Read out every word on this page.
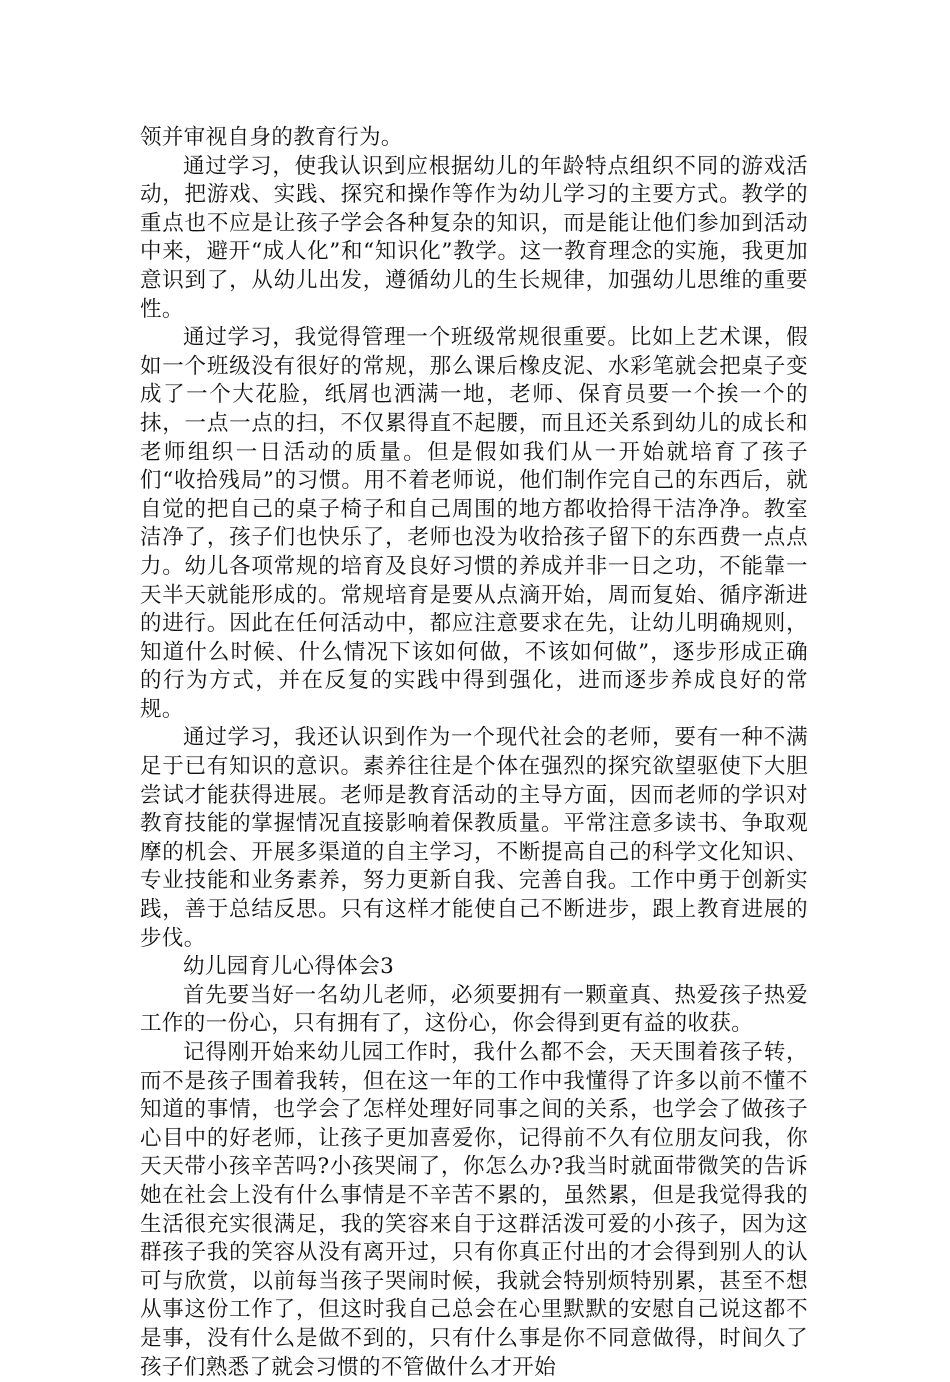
领并审视自身的教育行为。

通过学习，使我认识到应根据幼儿的年龄特点组织不同的游戏活动，把游戏、实践、探究和操作等作为幼儿学习的主要方式。教学的重点也不应是让孩子学会各种复杂的知识，而是能让他们参加到活动中来，避开“成人化”和“知识化”教学。这一教育理念的实施，我更加意识到了，从幼儿出发，遵循幼儿的生长规律，加强幼儿思维的重要性。

通过学习，我觉得管理一个班级常规很重要。比如上艺术课，假如一个班级没有很好的常规，那么课后橡皮泥、水彩笔就会把桌子变成了一个大花脸，纸屑也洒满一地，老师、保育员要一个挨一个的抹，一点一点的扫，不仅累得直不起腰，而且还关系到幼儿的成长和老师组织一日活动的质量。但是假如我们从一开始就培育了孩子们“收拾残局”的习惯。用不着老师说，他们制作完自己的东西后，就自觉的把自己的桌子椅子和自己周围的地方都收拾得干洁净净。教室洁净了，孩子们也快乐了，老师也没为收拾孩子留下的东西费一点点力。幼儿各项常规的培育及良好习惯的养成并非一日之功，不能靠一天半天就能形成的。常规培育是要从点滴开始，周而复始、循序渐进的进行。因此在任何活动中，都应注意要求在先，让幼儿明确规则，知道什么时候、什么情况下该如何做，不该如何做”，逐步形成正确的行为方式，并在反复的实践中得到强化，进而逐步养成良好的常规。

通过学习，我还认识到作为一个现代社会的老师，要有一种不满足于已有知识的意识。素养往往是个体在强烈的探究欲望驱使下大胆尝试才能获得进展。老师是教育活动的主导方面，因而老师的学识对教育技能的掌握情况直接影响着保教质量。平常注意多读书、争取观摩的机会、开展多渠道的自主学习，不断提高自己的科学文化知识、专业技能和业务素养，努力更新自我、完善自我。工作中勇于创新实践，善于总结反思。只有这样才能使自己不断进步，跟上教育进展的步伐。

幼儿园育儿心得体会3

首先要当好一名幼儿老师，必须要拥有一颗童真、热爱孩子热爱工作的一份心，只有拥有了，这份心，你会得到更有益的收获。

记得刚开始来幼儿园工作时，我什么都不会，天天围着孩子转，而不是孩子围着我转，但在这一年的工作中我懂得了许多以前不懂不知道的事情，也学会了怎样处理好同事之间的关系，也学会了做孩子心目中的好老师，让孩子更加喜爱你，记得前不久有位朋友问我，你天天带小孩辛苦吗?小孩哭闹了，你怎么办?我当时就面带微笑的告诉她在社会上没有什么事情是不辛苦不累的，虽然累，但是我觉得我的生活很充实很满足，我的笑容来自于这群活泼可爱的小孩子，因为这群孩子我的笑容从没有离开过，只有你真正付出的才会得到别人的认可与欣赏，以前每当孩子哭闹时候，我就会特别烦特别累，甚至不想从事这份工作了，但这时我自己总会在心里默默的安慰自己说这都不是事，没有什么是做不到的，只有什么事是你不同意做得，时间久了孩子们熟悉了就会习惯的不管做什么才开始
